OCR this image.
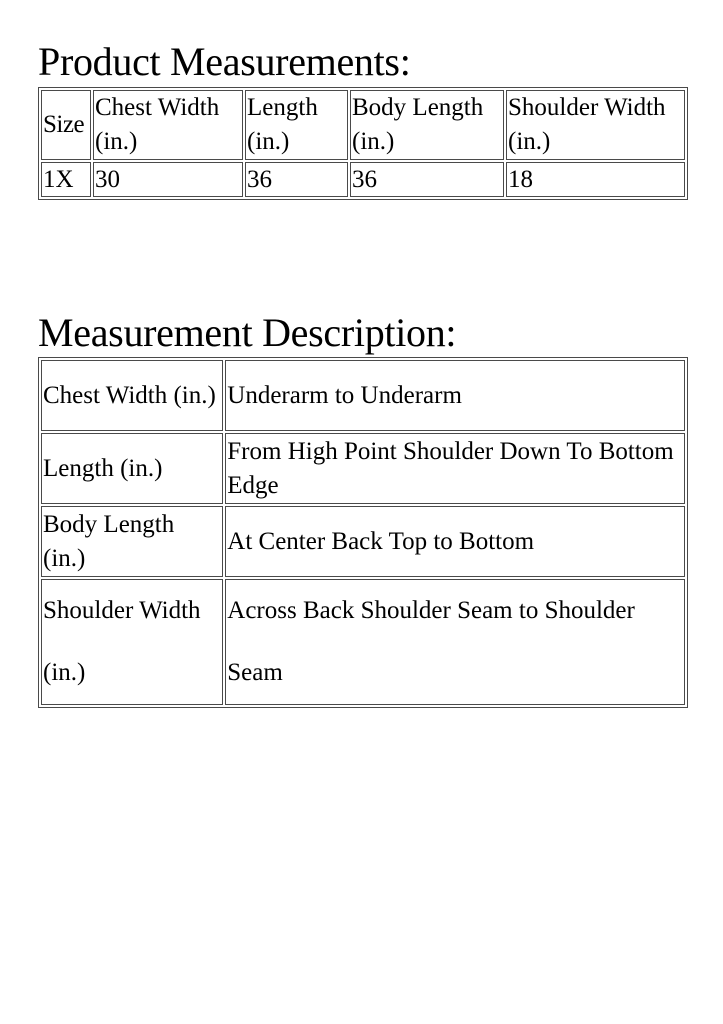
Product Measurements:
Size	Chest Width (in.)	Length (in.)	Body Length (in.)	Shoulder Width (in.)
1X	30	36	36	18
Measurement Description:
Chest Width (in.)	Underarm to Underarm
Length (in.)	From High Point Shoulder Down To Bottom Edge
Body Length (in.)	At Center Back Top to Bottom
Shoulder Width (in.)	Across Back Shoulder Seam to Shoulder Seam
